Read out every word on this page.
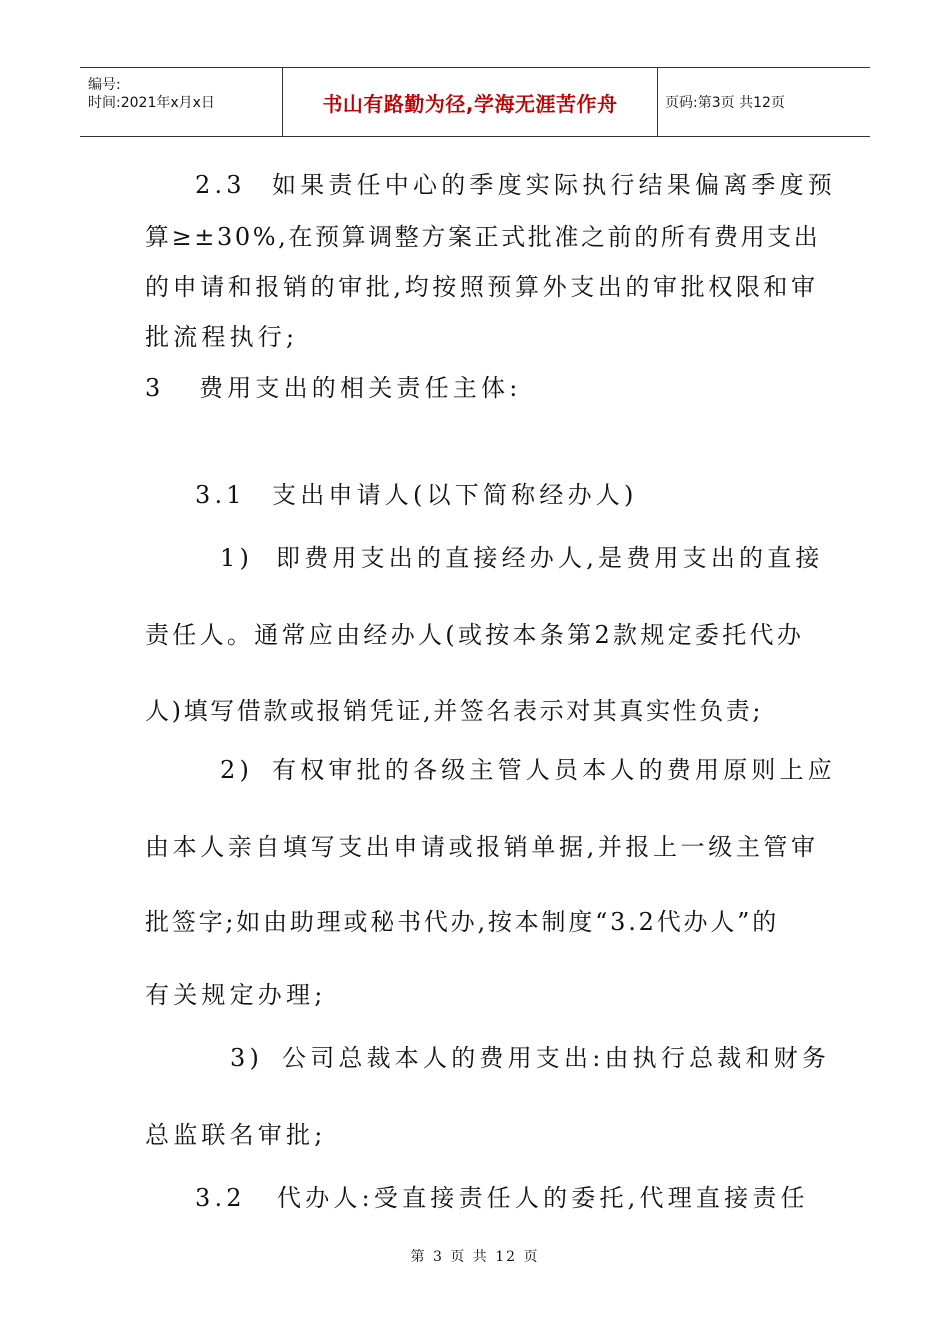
编号:
时间:2021年x月x日	书山有路勤为径,学海无涯苦作舟	页码:第3页 共12页
2.3 如果责任中心的季度实际执行结果偏离季度预
算≥±30%,在预算调整方案正式批准之前的所有费用支出
的申请和报销的审批,均按照预算外支出的审批权限和审
批流程执行;
3 费用支出的相关责任主体:
3.1 支出申请人(以下简称经办人)
1) 即费用支出的直接经办人,是费用支出的直接
责任人。通常应由经办人(或按本条第2款规定委托代办
人)填写借款或报销凭证,并签名表示对其真实性负责;
2) 有权审批的各级主管人员本人的费用原则上应
由本人亲自填写支出申请或报销单据,并报上一级主管审
批签字;如由助理或秘书代办,按本制度“3.2代办人”的
有关规定办理;
3) 公司总裁本人的费用支出:由执行总裁和财务
总监联名审批;
3.2 代办人:受直接责任人的委托,代理直接责任
第 3 页 共 12 页
